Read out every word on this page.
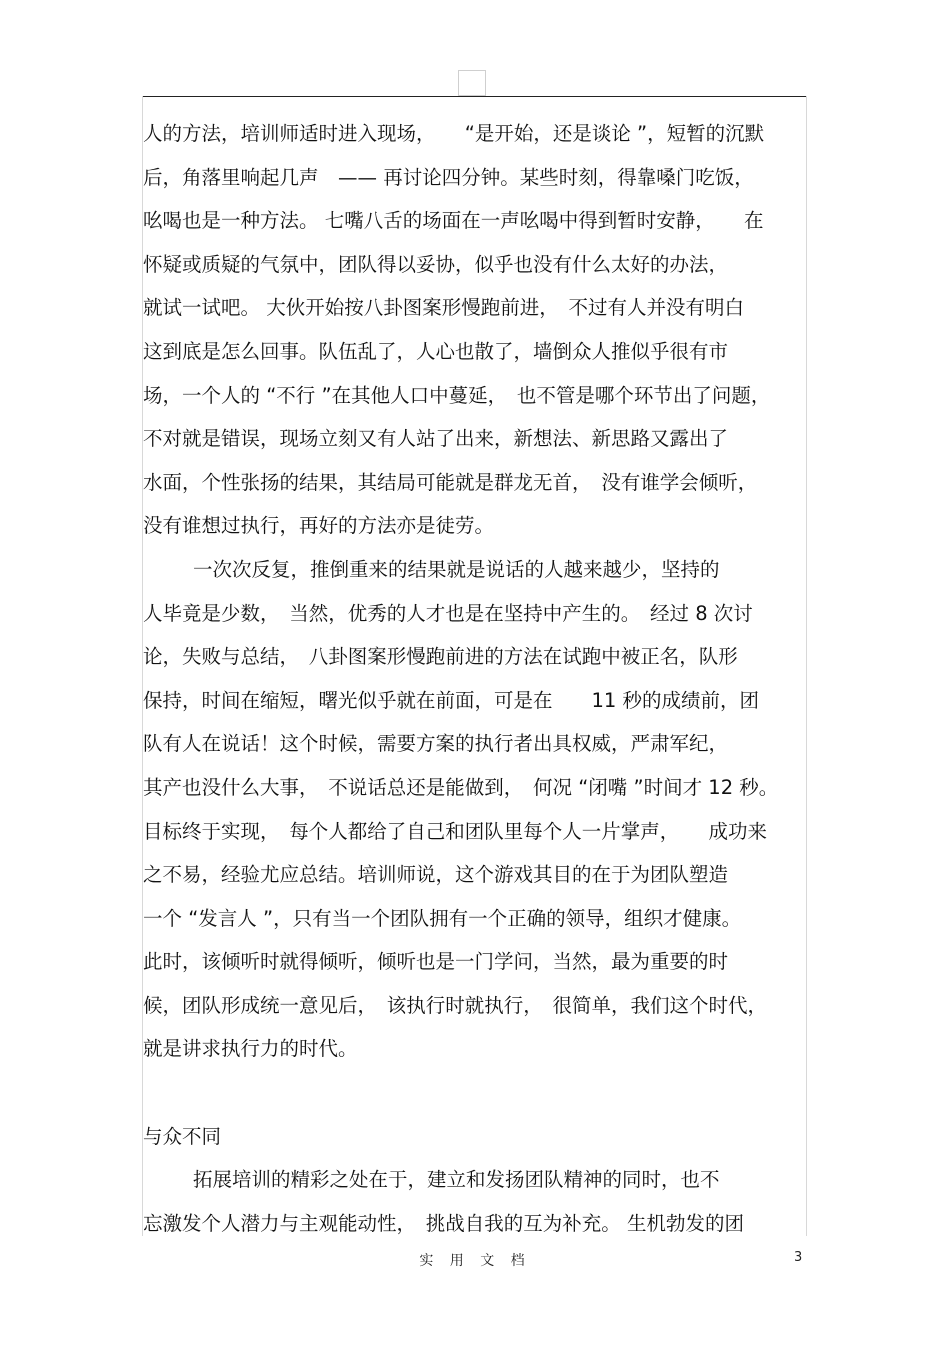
人的方法，培训师适时进入现场，　　“是开始，还是谈论 ”，短暂的沉默
后，角落里响起几声　—— 再讨论四分钟。某些时刻，得靠嗓门吃饭，
吆喝也是一种方法。 七嘴八舌的场面在一声吆喝中得到暂时安静，　　在
怀疑或质疑的气氛中，团队得以妥协，似乎也没有什么太好的办法，
就试一试吧。 大伙开始按八卦图案形慢跑前进，　不过有人并没有明白
这到底是怎么回事。队伍乱了，人心也散了，墙倒众人推似乎很有市
场，一个人的 “不行 ”在其他人口中蔓延，　也不管是哪个环节出了问题，
不对就是错误，现场立刻又有人站了出来，新想法、新思路又露出了
水面，个性张扬的结果，其结局可能就是群龙无首，　没有谁学会倾听，
没有谁想过执行，再好的方法亦是徒劳。
一次次反复，推倒重来的结果就是说话的人越来越少，坚持的
人毕竟是少数，　当然，优秀的人才也是在坚持中产生的。　经过 8 次讨
论，失败与总结，　八卦图案形慢跑前进的方法在试跑中被正名，队形
保持，时间在缩短，曙光似乎就在前面，可是在　　11 秒的成绩前，团
队有人在说话！这个时候，需要方案的执行者出具权威，严肃军纪，
其产也没什么大事，　不说话总还是能做到，　何况 “闭嘴 ”时间才 12 秒。
目标终于实现，　每个人都给了自己和团队里每个人一片掌声，　　成功来
之不易，经验尤应总结。培训师说，这个游戏其目的在于为团队塑造
一个 “发言人 ”，只有当一个团队拥有一个正确的领导，组织才健康。
此时，该倾听时就得倾听，倾听也是一门学问，当然，最为重要的时
候，团队形成统一意见后，　该执行时就执行，　很简单，我们这个时代，
就是讲求执行力的时代。
与众不同
拓展培训的精彩之处在于，建立和发扬团队精神的同时，也不
忘激发个人潜力与主观能动性，　挑战自我的互为补充。 生机勃发的团
实 用 文 档	3
